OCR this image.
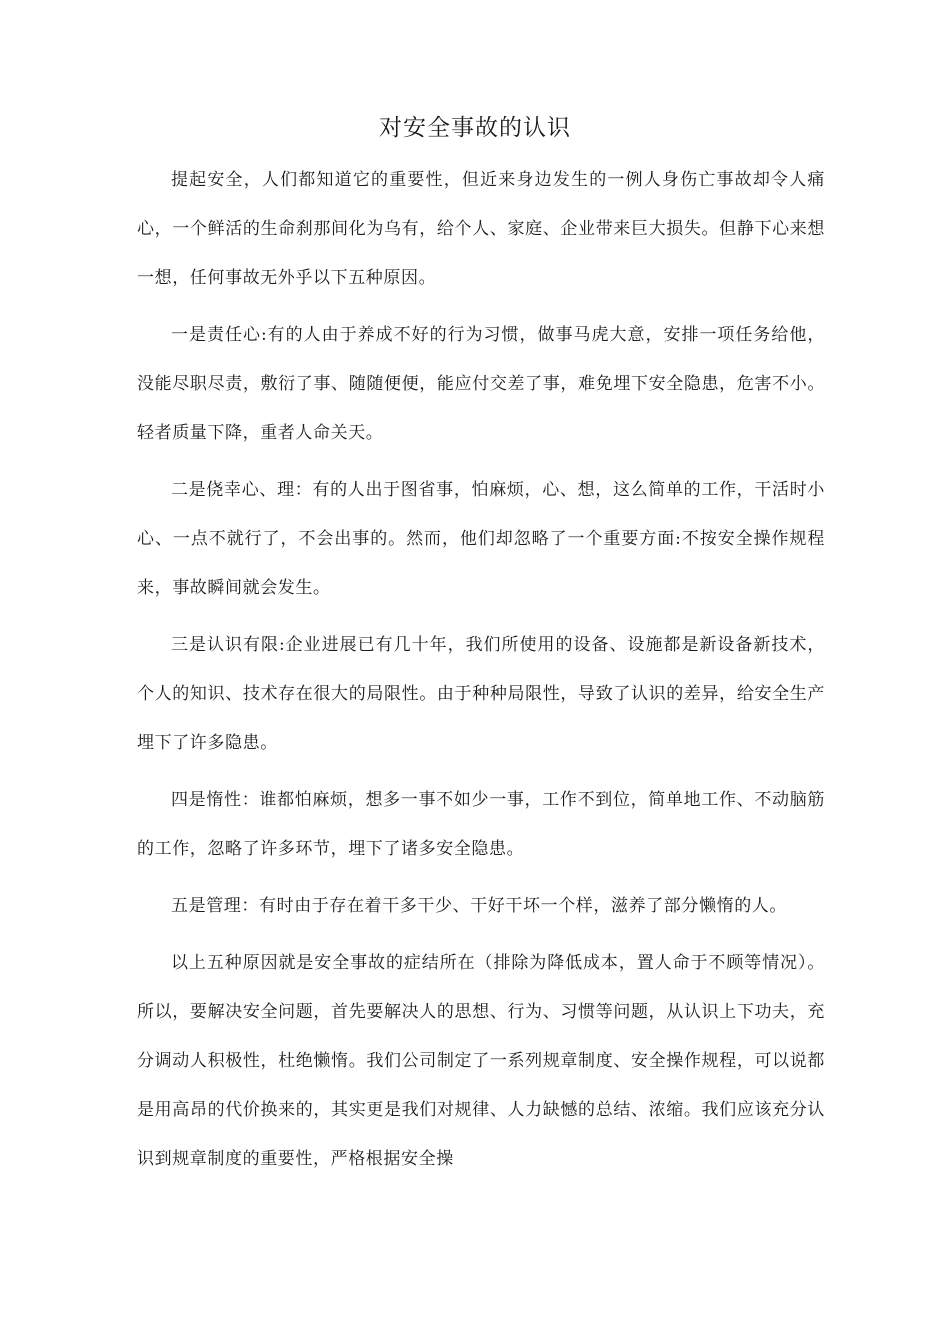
对安全事故的认识

提起安全，人们都知道它的重要性，但近来身边发生的一例人身伤亡事故却令人痛心，一个鲜活的生命刹那间化为乌有，给个人、家庭、企业带来巨大损失。但静下心来想一想，任何事故无外乎以下五种原因。

一是责任心:有的人由于养成不好的行为习惯，做事马虎大意，安排一项任务给他，没能尽职尽责，敷衍了事、随随便便，能应付交差了事，难免埋下安全隐患，危害不小。轻者质量下降，重者人命关天。

二是侥幸心、理：有的人出于图省事，怕麻烦，心、想，这么简单的工作，干活时小心、一点不就行了，不会出事的。然而，他们却忽略了一个重要方面:不按安全操作规程来，事故瞬间就会发生。

三是认识有限:企业进展已有几十年，我们所使用的设备、设施都是新设备新技术，个人的知识、技术存在很大的局限性。由于种种局限性，导致了认识的差异，给安全生产 埋下了许多隐患。

四是惰性：谁都怕麻烦，想多一事不如少一事，工作不到位，简单地工作、不动脑筋的工作，忽略了许多环节，埋下了诸多安全隐患。

五是管理：有时由于存在着干多干少、干好干坏一个样，滋养了部分懒惰的人。

以上五种原因就是安全事故的症结所在（排除为降低成本，置人命于不顾等情况）。所以，要解决安全问题，首先要解决人的思想、行为、习惯等问题，从认识上下功夫，充分调动人积极性，杜绝懒惰。我们公司制定了一系列规章制度、安全操作规程，可以说都是用高昂的代价换来的，其实更是我们对规律、人力缺憾的总结、浓缩。我们应该充分认识到规章制度的重要性，严格根据安全操
